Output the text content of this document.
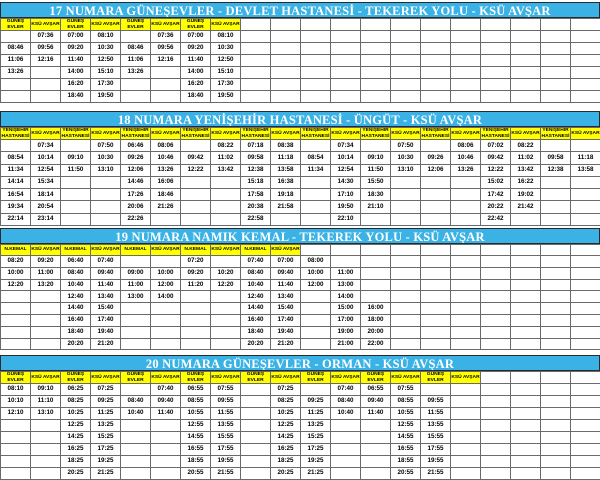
17 NUMARA GÜNEŞEVLER - DEVLET HASTANESİ - TEKEREK YOLU - KSÜ AVŞAR
GÜNEŞ EVLER	KSÜ AVŞAR	GÜNEŞ EVLER	KSÜ AVŞAR	GÜNEŞ EVLER	KSÜ AVŞAR	GÜNEŞ EVLER	KSÜ AVŞAR												
	07:36	07:00	08:10		07:36	07:00	08:10												
08:46	09:56	09:20	10:30	08:46	09:56	09:20	10:30												
11:06	12:16	11:40	12:50	11:06	12:16	11:40	12:50												
13:26		14:00	15:10	13:26		14:00	15:10												
		16:20	17:30			16:20	17:30												
		18:40	19:50			18:40	19:50												
18 NUMARA YENİŞEHİR HASTANESİ - ÜNGÜT - KSÜ AVŞAR
YENİŞEHİR HASTANESİ	KSÜ AVŞAR	YENİŞEHİR HASTANESİ	KSÜ AVŞAR	YENİŞEHİR HASTANESİ	KSÜ AVŞAR	YENİŞEHİR HASTANESİ	KSÜ AVŞAR	YENİŞEHİR HASTANESİ	KSÜ AVŞAR	YENİŞEHİR HASTANESİ	KSÜ AVŞAR	YENİŞEHİR HASTANESİ	KSÜ AVŞAR	YENİŞEHİR HASTANESİ	KSÜ AVŞAR	YENİŞEHİR HASTANESİ	KSÜ AVŞAR	YENİŞEHİR HASTANESİ	KSÜ AVŞAR
	07:34		07:50	06:46	08:06		08:22	07:18	08:38		07:34		07:50		08:06	07:02	08:22		
08:54	10:14	09:10	10:30	09:26	10:46	09:42	11:02	09:58	11:18	08:54	10:14	09:10	10:30	09:26	10:46	09:42	11:02	09:58	11:18
11:34	12:54	11:50	13:10	12:06	13:26	12:22	13:42	12:38	13:58	11:34	12:54	11:50	13:10	12:06	13:26	12:22	13:42	12:38	13:58
14:14	15:34			14:46	16:06			15:18	16:38		14:30	15:50				15:02	16:22		
16:54	18:14			17:26	18:46			17:58	19:18		17:10	18:30				17:42	19:02		
19:34	20:54			20:06	21:26			20:38	21:58		19:50	21:10				20:22	21:42		
22:14	23:14			22:26				22:58			22:10					22:42			
19 NUMARA NAMIK KEMAL - TEKEREK YOLU - KSÜ AVŞAR
N.KEMAL	KSÜ AVŞAR	N.KEMAL	KSÜ AVŞAR	N.KEMAL	KSÜ AVŞAR	N.KEMAL	KSÜ AVŞAR	N.KEMAL	KSÜ AVŞAR										
08:20	09:20	06:40	07:40			07:20		07:40	07:00	08:00									
10:00	11:00	08:40	09:40	09:00	10:00	09:20	10:20	08:40	09:40	10:00	11:00								
12:20	13:20	10:40	11:40	11:00	12:00	11:20	12:20	10:40	11:40	12:00	13:00								
		12:40	13:40	13:00	14:00			12:40	13:40		14:00								
		14:40	15:40					14:40	15:40		15:00	16:00							
		16:40	17:40					16:40	17:40		17:00	18:00							
		18:40	19:40					18:40	19:40		19:00	20:00							
		20:20	21:20					20:20	21:20		21:00	22:00							
20 NUMARA GÜNEŞEVLER - ORMAN - KSÜ AVŞAR
GÜNEŞ EVLER	KSÜ AVŞAR	GÜNEŞ EVLER	KSÜ AVŞAR	GÜNEŞ EVLER	KSÜ AVŞAR	GÜNEŞ EVLER	KSÜ AVŞAR	GÜNEŞ EVLER	KSÜ AVŞAR	GÜNEŞ EVLER	KSÜ AVŞAR	GÜNEŞ EVLER	KSÜ AVŞAR	GÜNEŞ EVLER	KSÜ AVŞAR				
08:10	09:10	06:25	07:25		07:40	06:55	07:55		07:25		07:40	06:55	07:55						
10:10	11:10	08:25	09:25	08:40	09:40	08:55	09:55		08:25	09:25	08:40	09:40	08:55	09:55					
12:10	13:10	10:25	11:25	10:40	11:40	10:55	11:55		10:25	11:25	10:40	11:40	10:55	11:55					
		12:25	13:25			12:55	13:55		12:25	13:25			12:55	13:55					
		14:25	15:25			14:55	15:55		14:25	15:25			14:55	15:55					
		16:25	17:25			16:55	17:55		16:25	17:25			16:55	17:55					
		18:25	19:25			18:55	19:55		18:25	19:25			18:55	19:55					
		20:25	21:25			20:55	21:55		20:25	21:25			20:55	21:55					
